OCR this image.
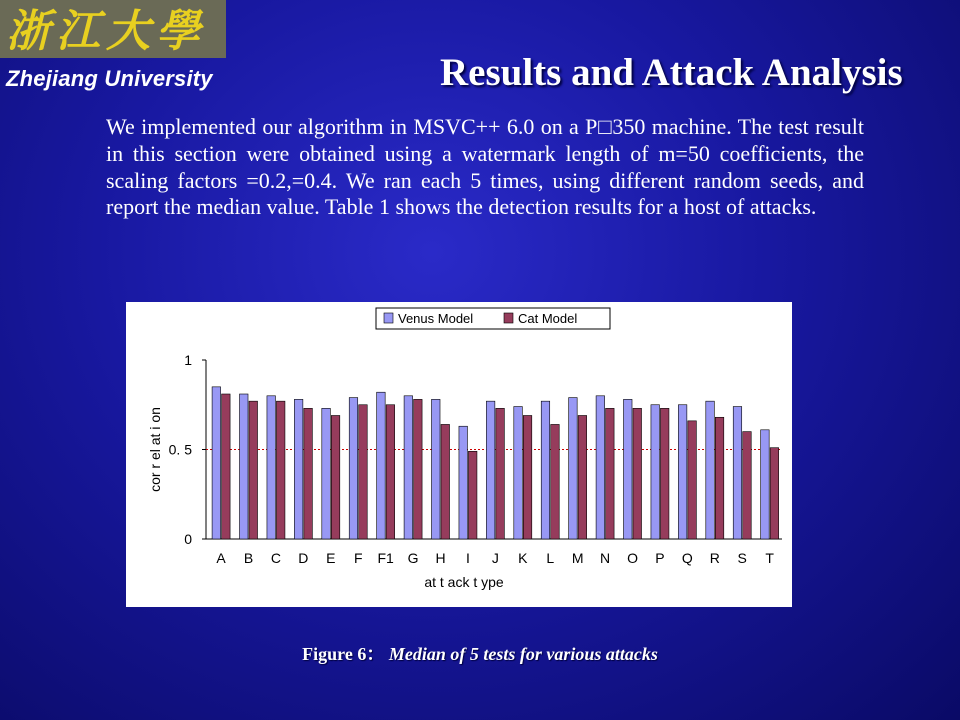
浙江大學
Zhejiang University	Results and Attack Analysis
We implemented our algorithm in MSVC++ 6.0 on a P□350 machine. The test result in this section were obtained using a watermark length of m=50 coefficients, the scaling factors =0.2,=0.4. We ran each 5 times, using different random seeds, and report the median value. Table 1 shows the detection results for a host of attacks.
0
0. 5
1
A B C D E F F1 G H I J K L M N O P Q R S T
at t ack t ype
cor r el at i on
Venus Model	Cat Model
Figure 6： Median of 5 tests for various attacks
